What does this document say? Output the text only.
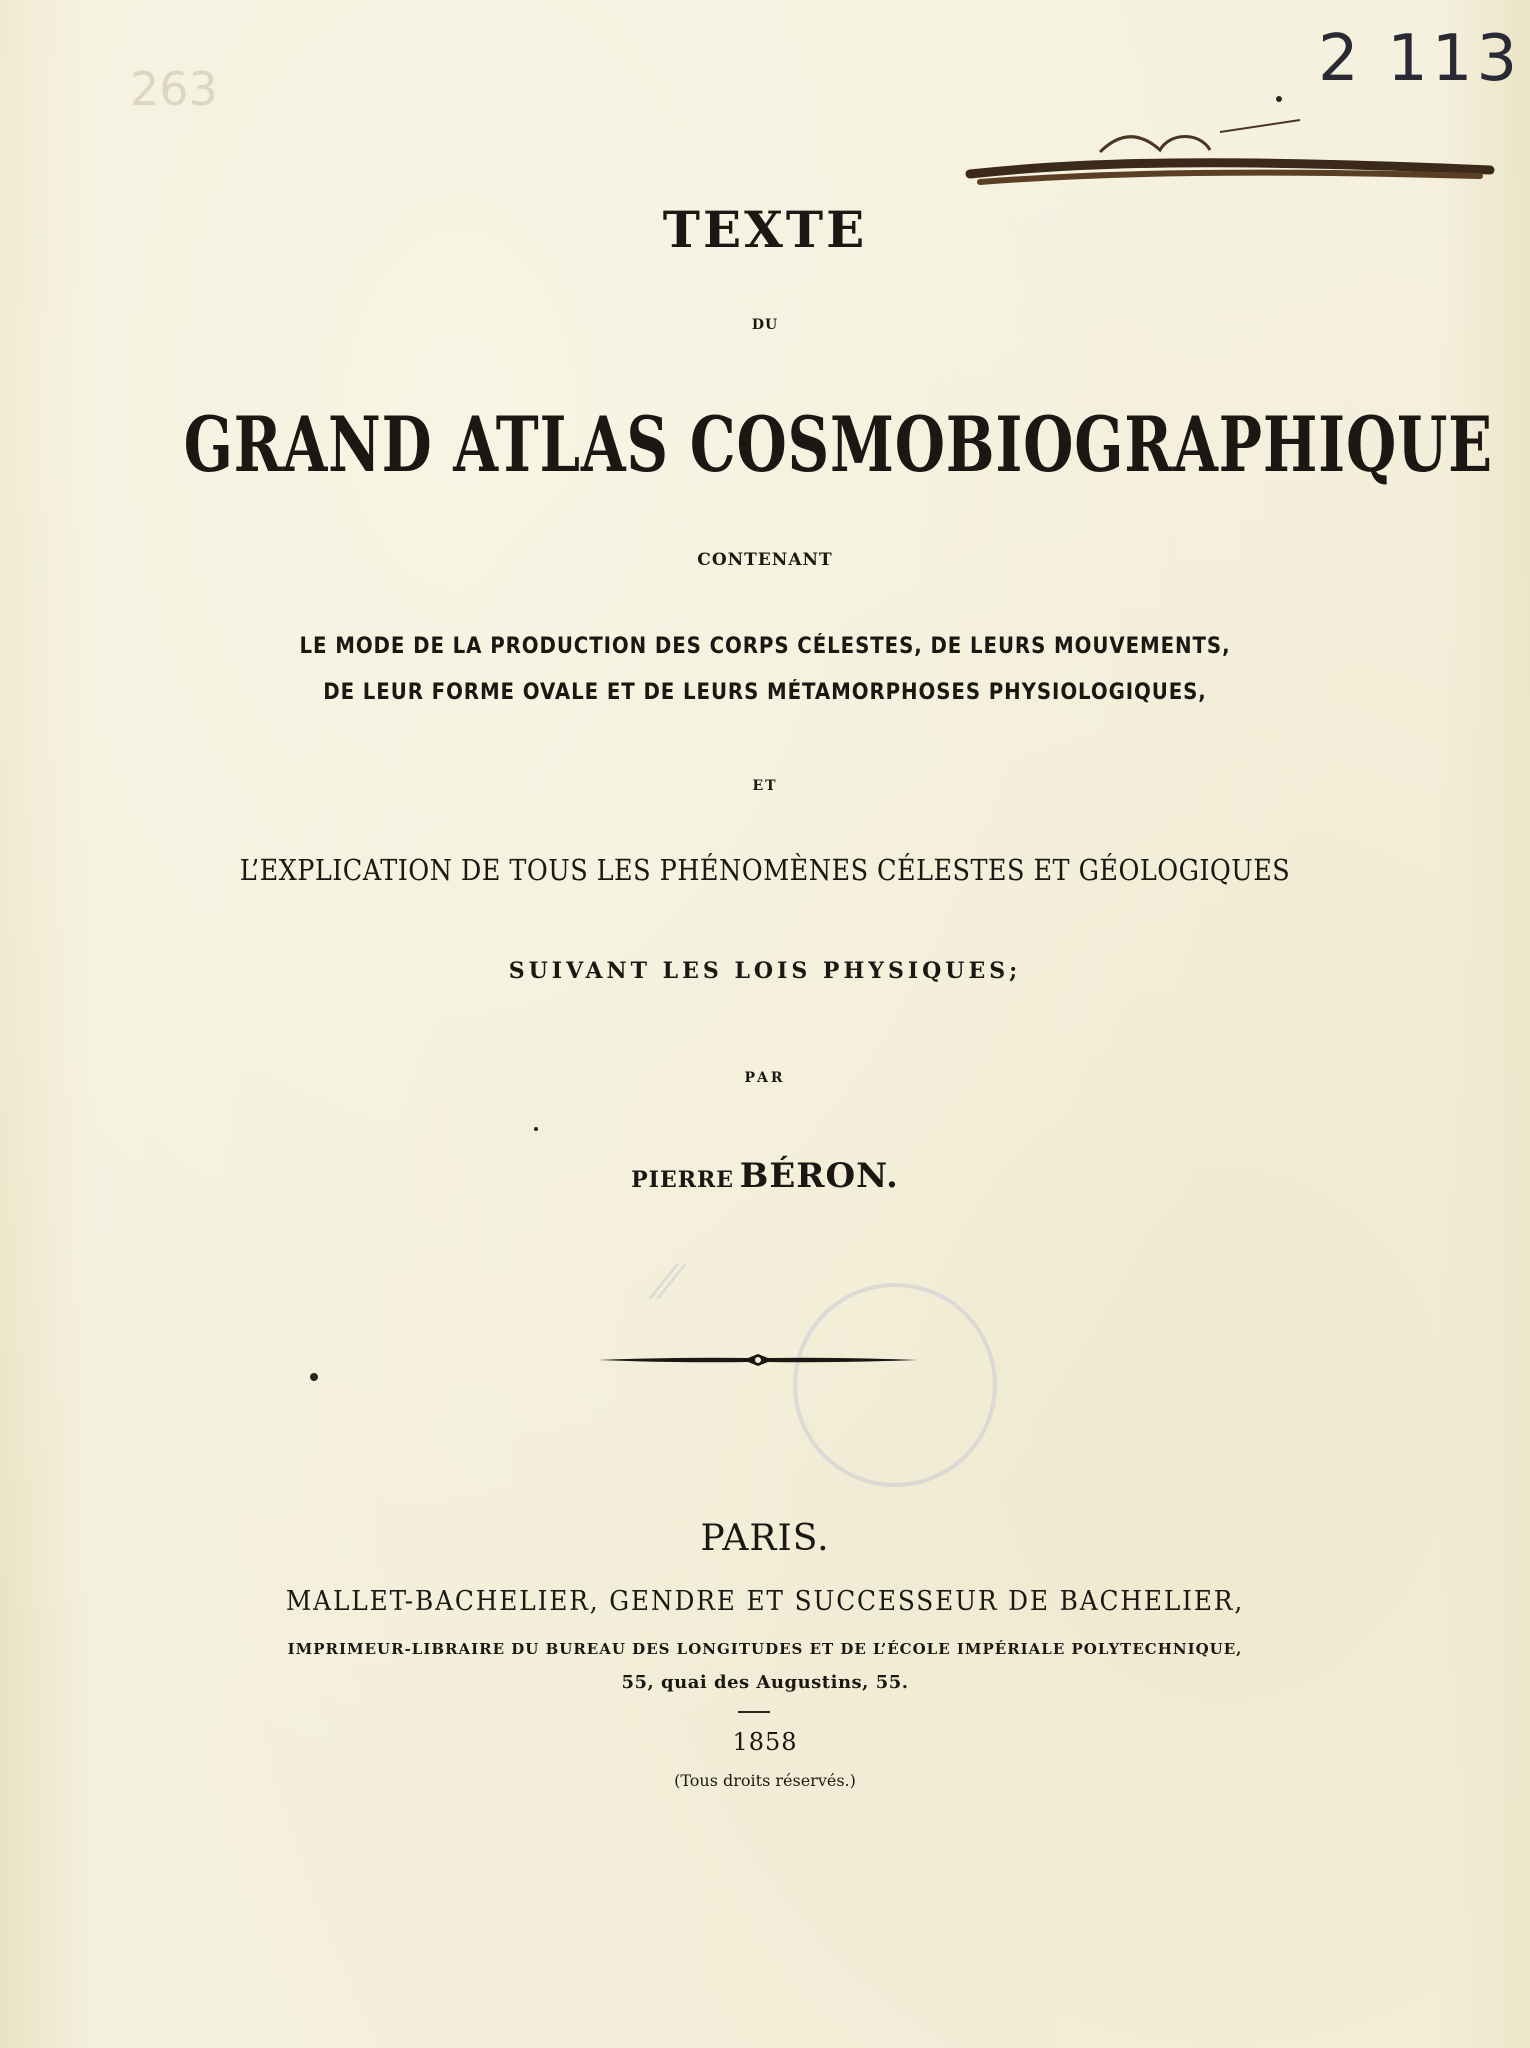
263	2 113
TEXTE
DU
GRAND ATLAS COSMOBIOGRAPHIQUE
CONTENANT
LE MODE DE LA PRODUCTION DES CORPS CÉLESTES, DE LEURS MOUVEMENTS,
DE LEUR FORME OVALE ET DE LEURS MÉTAMORPHOSES PHYSIOLOGIQUES,
ET
L’EXPLICATION DE TOUS LES PHÉNOMÈNES CÉLESTES ET GÉOLOGIQUES
SUIVANT LES LOIS PHYSIQUES;
PAR
PIERRE BÉRON.
⁄⁄
PARIS.
MALLET-BACHELIER, GENDRE ET SUCCESSEUR DE BACHELIER,
IMPRIMEUR-LIBRAIRE DU BUREAU DES LONGITUDES ET DE L’ÉCOLE IMPÉRIALE POLYTECHNIQUE,
55, quai des Augustins, 55.
1858
(Tous droits réservés.)
